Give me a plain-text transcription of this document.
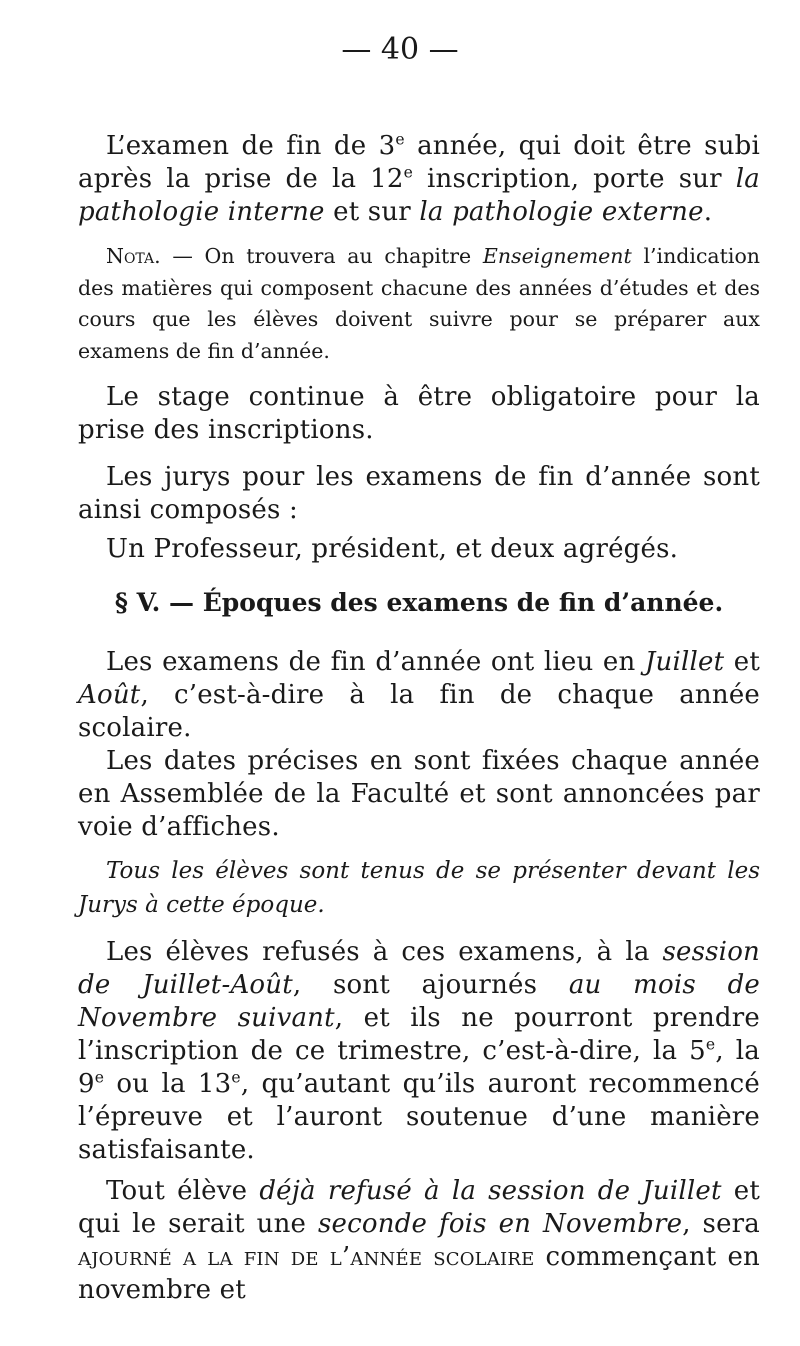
— 40 —

L’examen de fin de 3e année, qui doit être subi après la prise de la 12e inscription, porte sur la pathologie interne et sur la pathologie externe.

Nota. — On trouvera au chapitre Enseignement l’indication des matières qui composent chacune des années d’études et des cours que les élèves doivent suivre pour se préparer aux examens de fin d’année.

Le stage continue à être obligatoire pour la prise des inscriptions.

Les jurys pour les examens de fin d’année sont ainsi composés :

Un Professeur, président, et deux agrégés.

§ V. — Époques des examens de fin d’année.

Les examens de fin d’année ont lieu en Juillet et Août, c’est-à-dire à la fin de chaque année scolaire.

Les dates précises en sont fixées chaque année en Assemblée de la Faculté et sont annoncées par voie d’affiches.

Tous les élèves sont tenus de se présenter devant les Jurys à cette époque.

Les élèves refusés à ces examens, à la session de Juillet-Août, sont ajournés au mois de Novembre suivant, et ils ne pourront prendre l’inscription de ce trimestre, c’est-à-dire, la 5e, la 9e ou la 13e, qu’autant qu’ils auront recommencé l’épreuve et l’auront soutenue d’une manière satisfaisante.

Tout élève déjà refusé à la session de Juillet et qui le serait une seconde fois en Novembre, sera ajourné a la fin de l’année scolaire commençant en novembre et
